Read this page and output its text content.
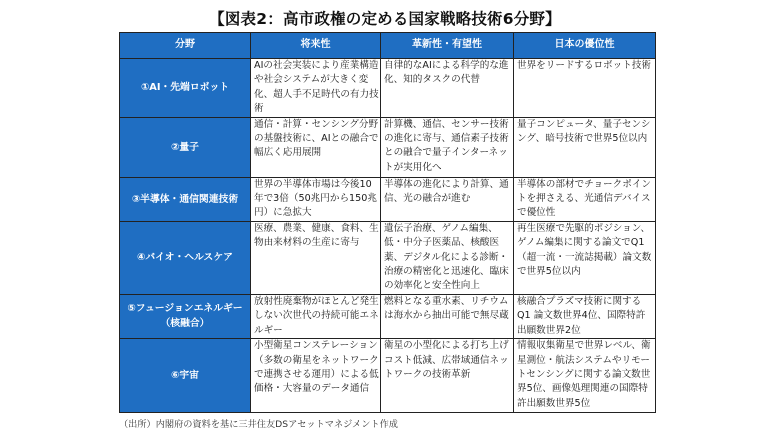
【図表2：高市政権の定める国家戦略技術6分野】
分野	将来性	革新性・有望性	日本の優位性
①AI・先端ロボット	AIの社会実装により産業構造や社会システムが大きく変化、超人手不足時代の有力技術	自律的なAIによる科学的な進化、知的タスクの代替	世界をリードするロボット技術
②量子	通信・計算・センシング分野の基盤技術に、AIとの融合で幅広く応用展開	計算機、通信、センサー技術の進化に寄与、通信素子技術との融合で量子インターネットが実用化へ	量子コンピュータ、量子センシング、暗号技術で世界5位以内
③半導体・通信関連技術	世界の半導体市場は今後10年で3倍（50兆円から150兆円）に急拡大	半導体の進化により計算、通信、光の融合が進む	半導体の部材でチョークポイントを押さえる、光通信デバイスで優位性
④バイオ・ヘルスケア	医療、農業、健康、食料、生物由来材料の生産に寄与	遺伝子治療、ゲノム編集、低・中分子医薬品、核酸医薬、デジタル化による診断・治療の精密化と迅速化、臨床の効率化と安全性向上	再生医療で先駆的ポジション、ゲノム編集に関する論文でQ1（超一流・一流誌掲載）論文数で世界5位以内
⑤フュージョンエネルギー（核融合）	放射性廃棄物がほとんど発生しない次世代の持続可能エネルギー	燃料となる重水素、リチウムは海水から抽出可能で無尽蔵	核融合プラズマ技術に関するQ1 論文数世界4位、国際特許出願数世界2位
⑥宇宙	小型衛星コンステレーション（多数の衛星をネットワークで連携させる運用）による低価格・大容量のデータ通信	衛星の小型化による打ち上げコスト低減、広帯域通信ネットワークの技術革新	情報収集衛星で世界レベル、衛星測位・航法システムやリモートセンシングに関する論文数世界5位、画像処理関連の国際特許出願数世界5位
（出所）内閣府の資料を基に三井住友DSアセットマネジメント作成
